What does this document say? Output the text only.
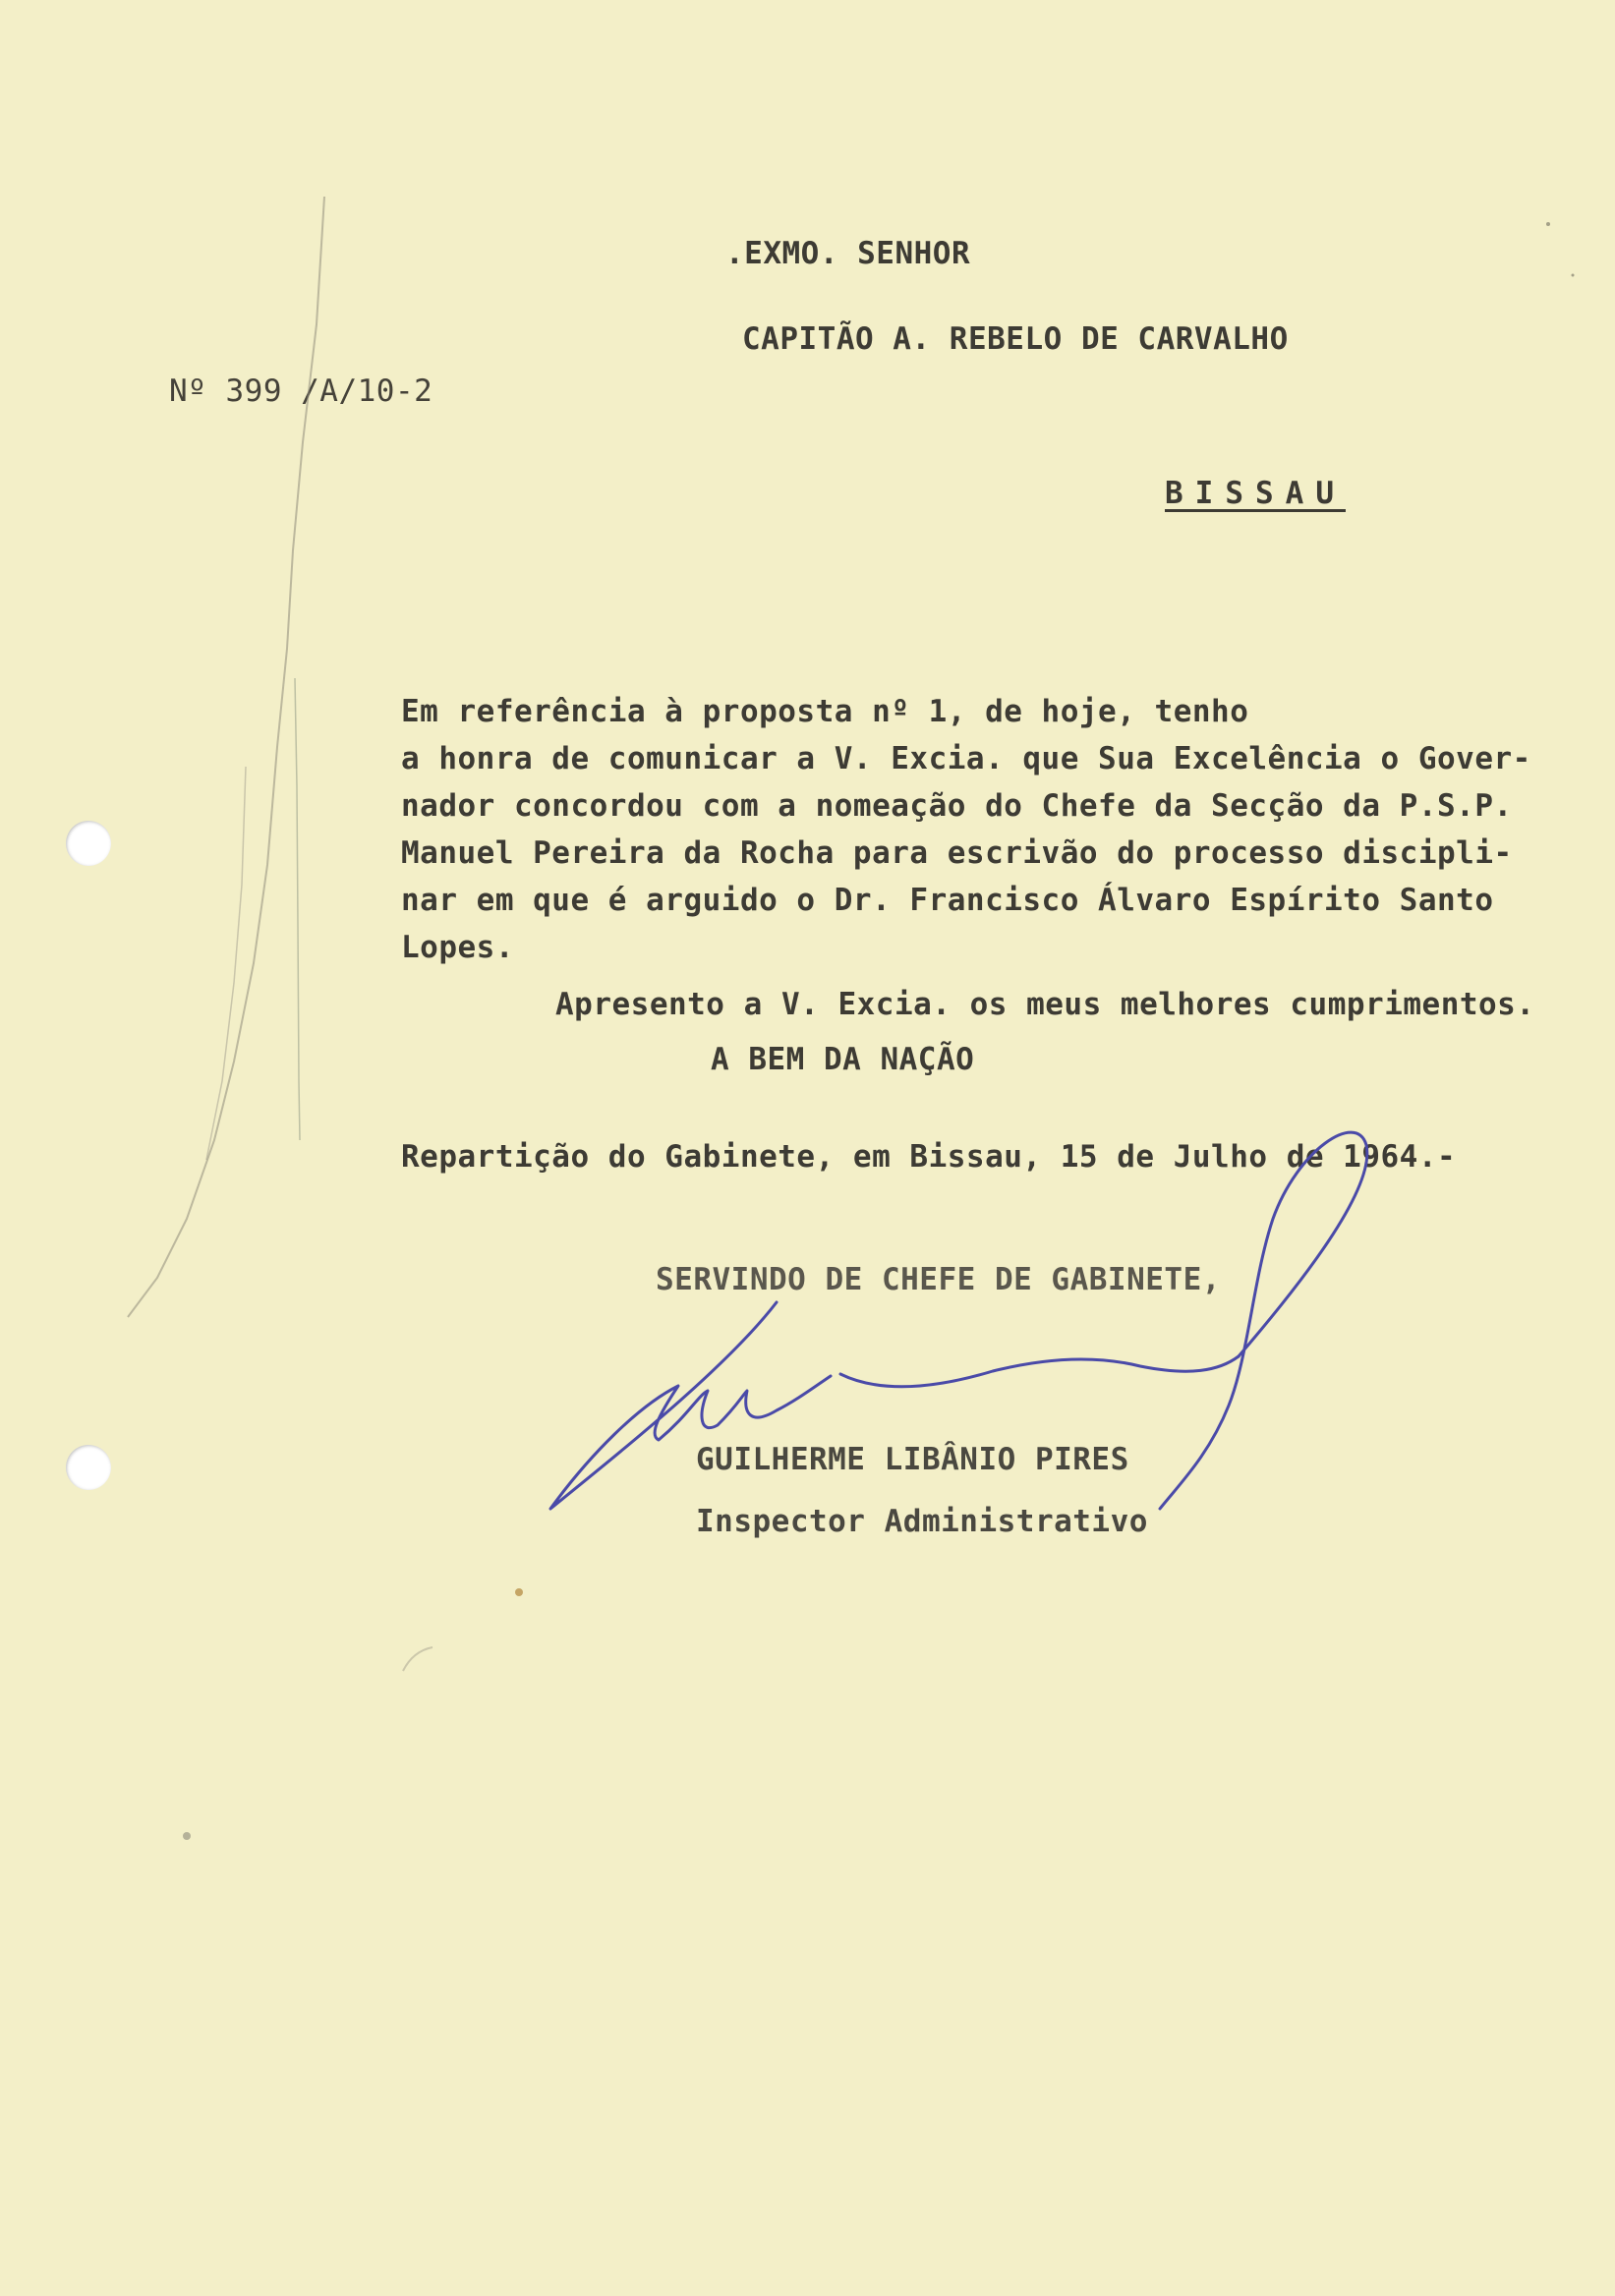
.EXMO. SENHOR
CAPITÃO A. REBELO DE CARVALHO
Nº 399 /A/10-2
BISSAU
Em referência à proposta nº 1, de hoje, tenho
a honra de comunicar a V. Excia. que Sua Excelência o Gover-
nador concordou com a nomeação do Chefe da Secção da P.S.P.
Manuel Pereira da Rocha para escrivão do processo discipli-
nar em que é arguido o Dr. Francisco Álvaro Espírito Santo
Lopes.
Apresento a V. Excia. os meus melhores cumprimentos.
A BEM DA NAÇÃO
Repartição do Gabinete, em Bissau, 15 de Julho de 1964.-
SERVINDO DE CHEFE DE GABINETE,
GUILHERME LIBÂNIO PIRES
Inspector Administrativo
